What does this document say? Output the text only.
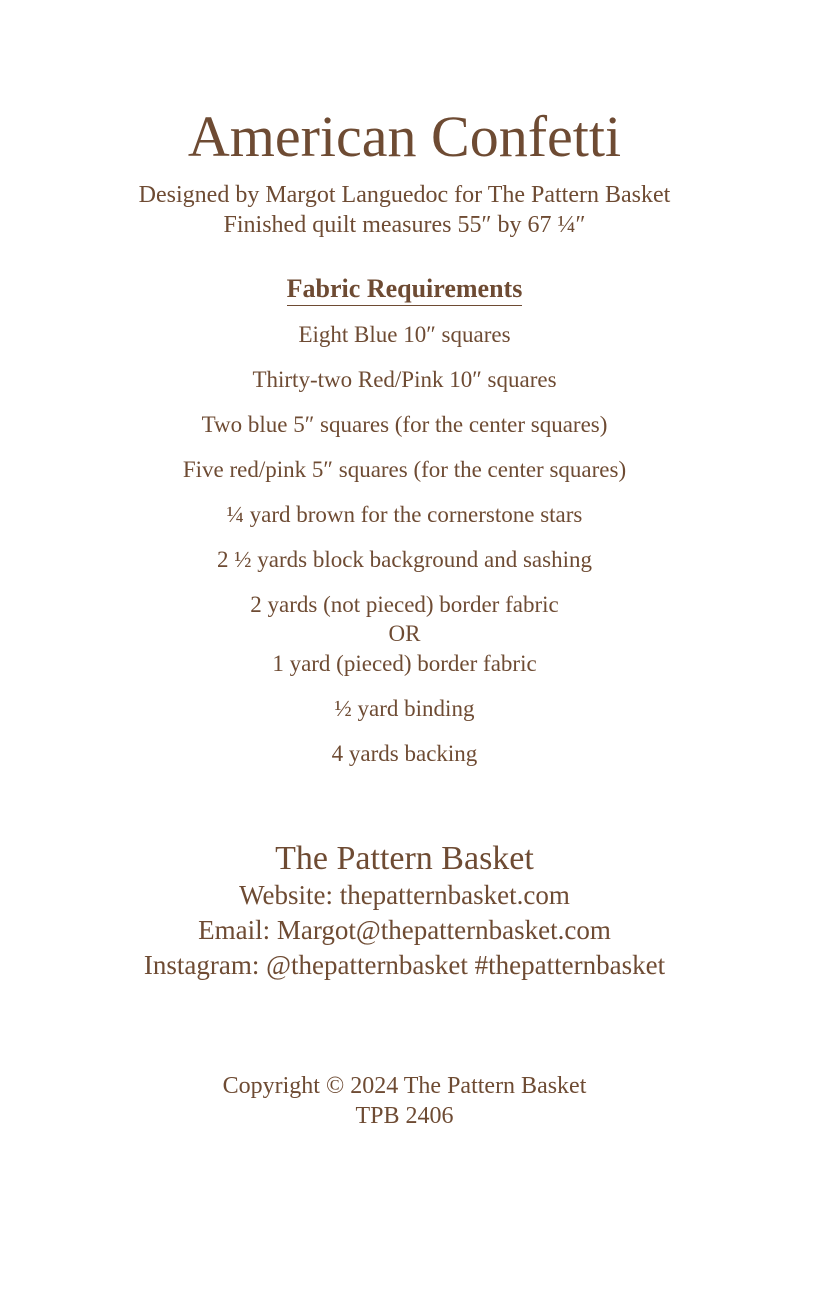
American Confetti
Designed by Margot Languedoc for The Pattern Basket
Finished quilt measures 55″ by 67 ¼″
Fabric Requirements
Eight Blue 10″ squares
Thirty-two Red/Pink 10″ squares
Two blue 5″ squares (for the center squares)
Five red/pink 5″ squares (for the center squares)
¼ yard brown for the cornerstone stars
2 ½ yards block background and sashing
2 yards (not pieced) border fabric
OR
1 yard (pieced) border fabric
½ yard binding
4 yards backing
The Pattern Basket
Website: thepatternbasket.com
Email: Margot@thepatternbasket.com
Instagram: @thepatternbasket #thepatternbasket
Copyright © 2024 The Pattern Basket
TPB 2406
